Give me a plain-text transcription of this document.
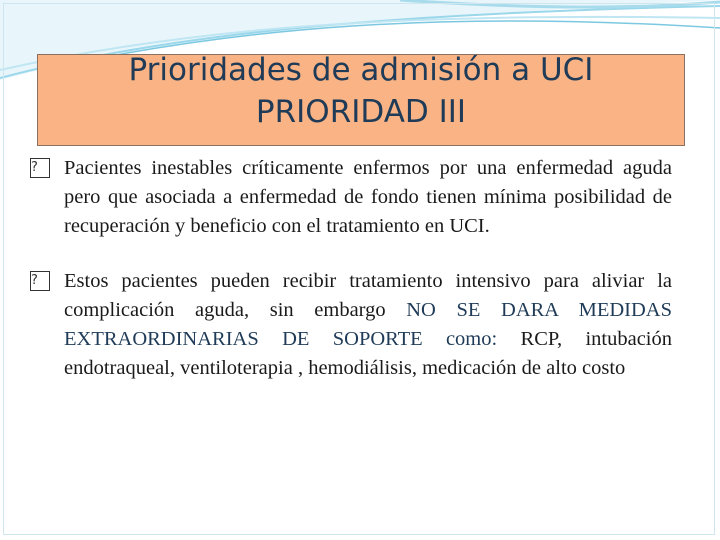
Prioridades de admisión a UCI
PRIORIDAD III
?	Pacientes inestables críticamente enfermos por una enfermedad aguda pero que asociada a enfermedad de fondo tienen mínima posibilidad de recuperación y beneficio con el tratamiento en UCI.
?	Estos pacientes pueden recibir tratamiento intensivo para aliviar la complicación aguda, sin embargo NO SE DARA MEDIDAS EXTRAORDINARIAS DE SOPORTE como: RCP, intubación endotraqueal, ventiloterapia , hemodiálisis, medicación de alto costo
